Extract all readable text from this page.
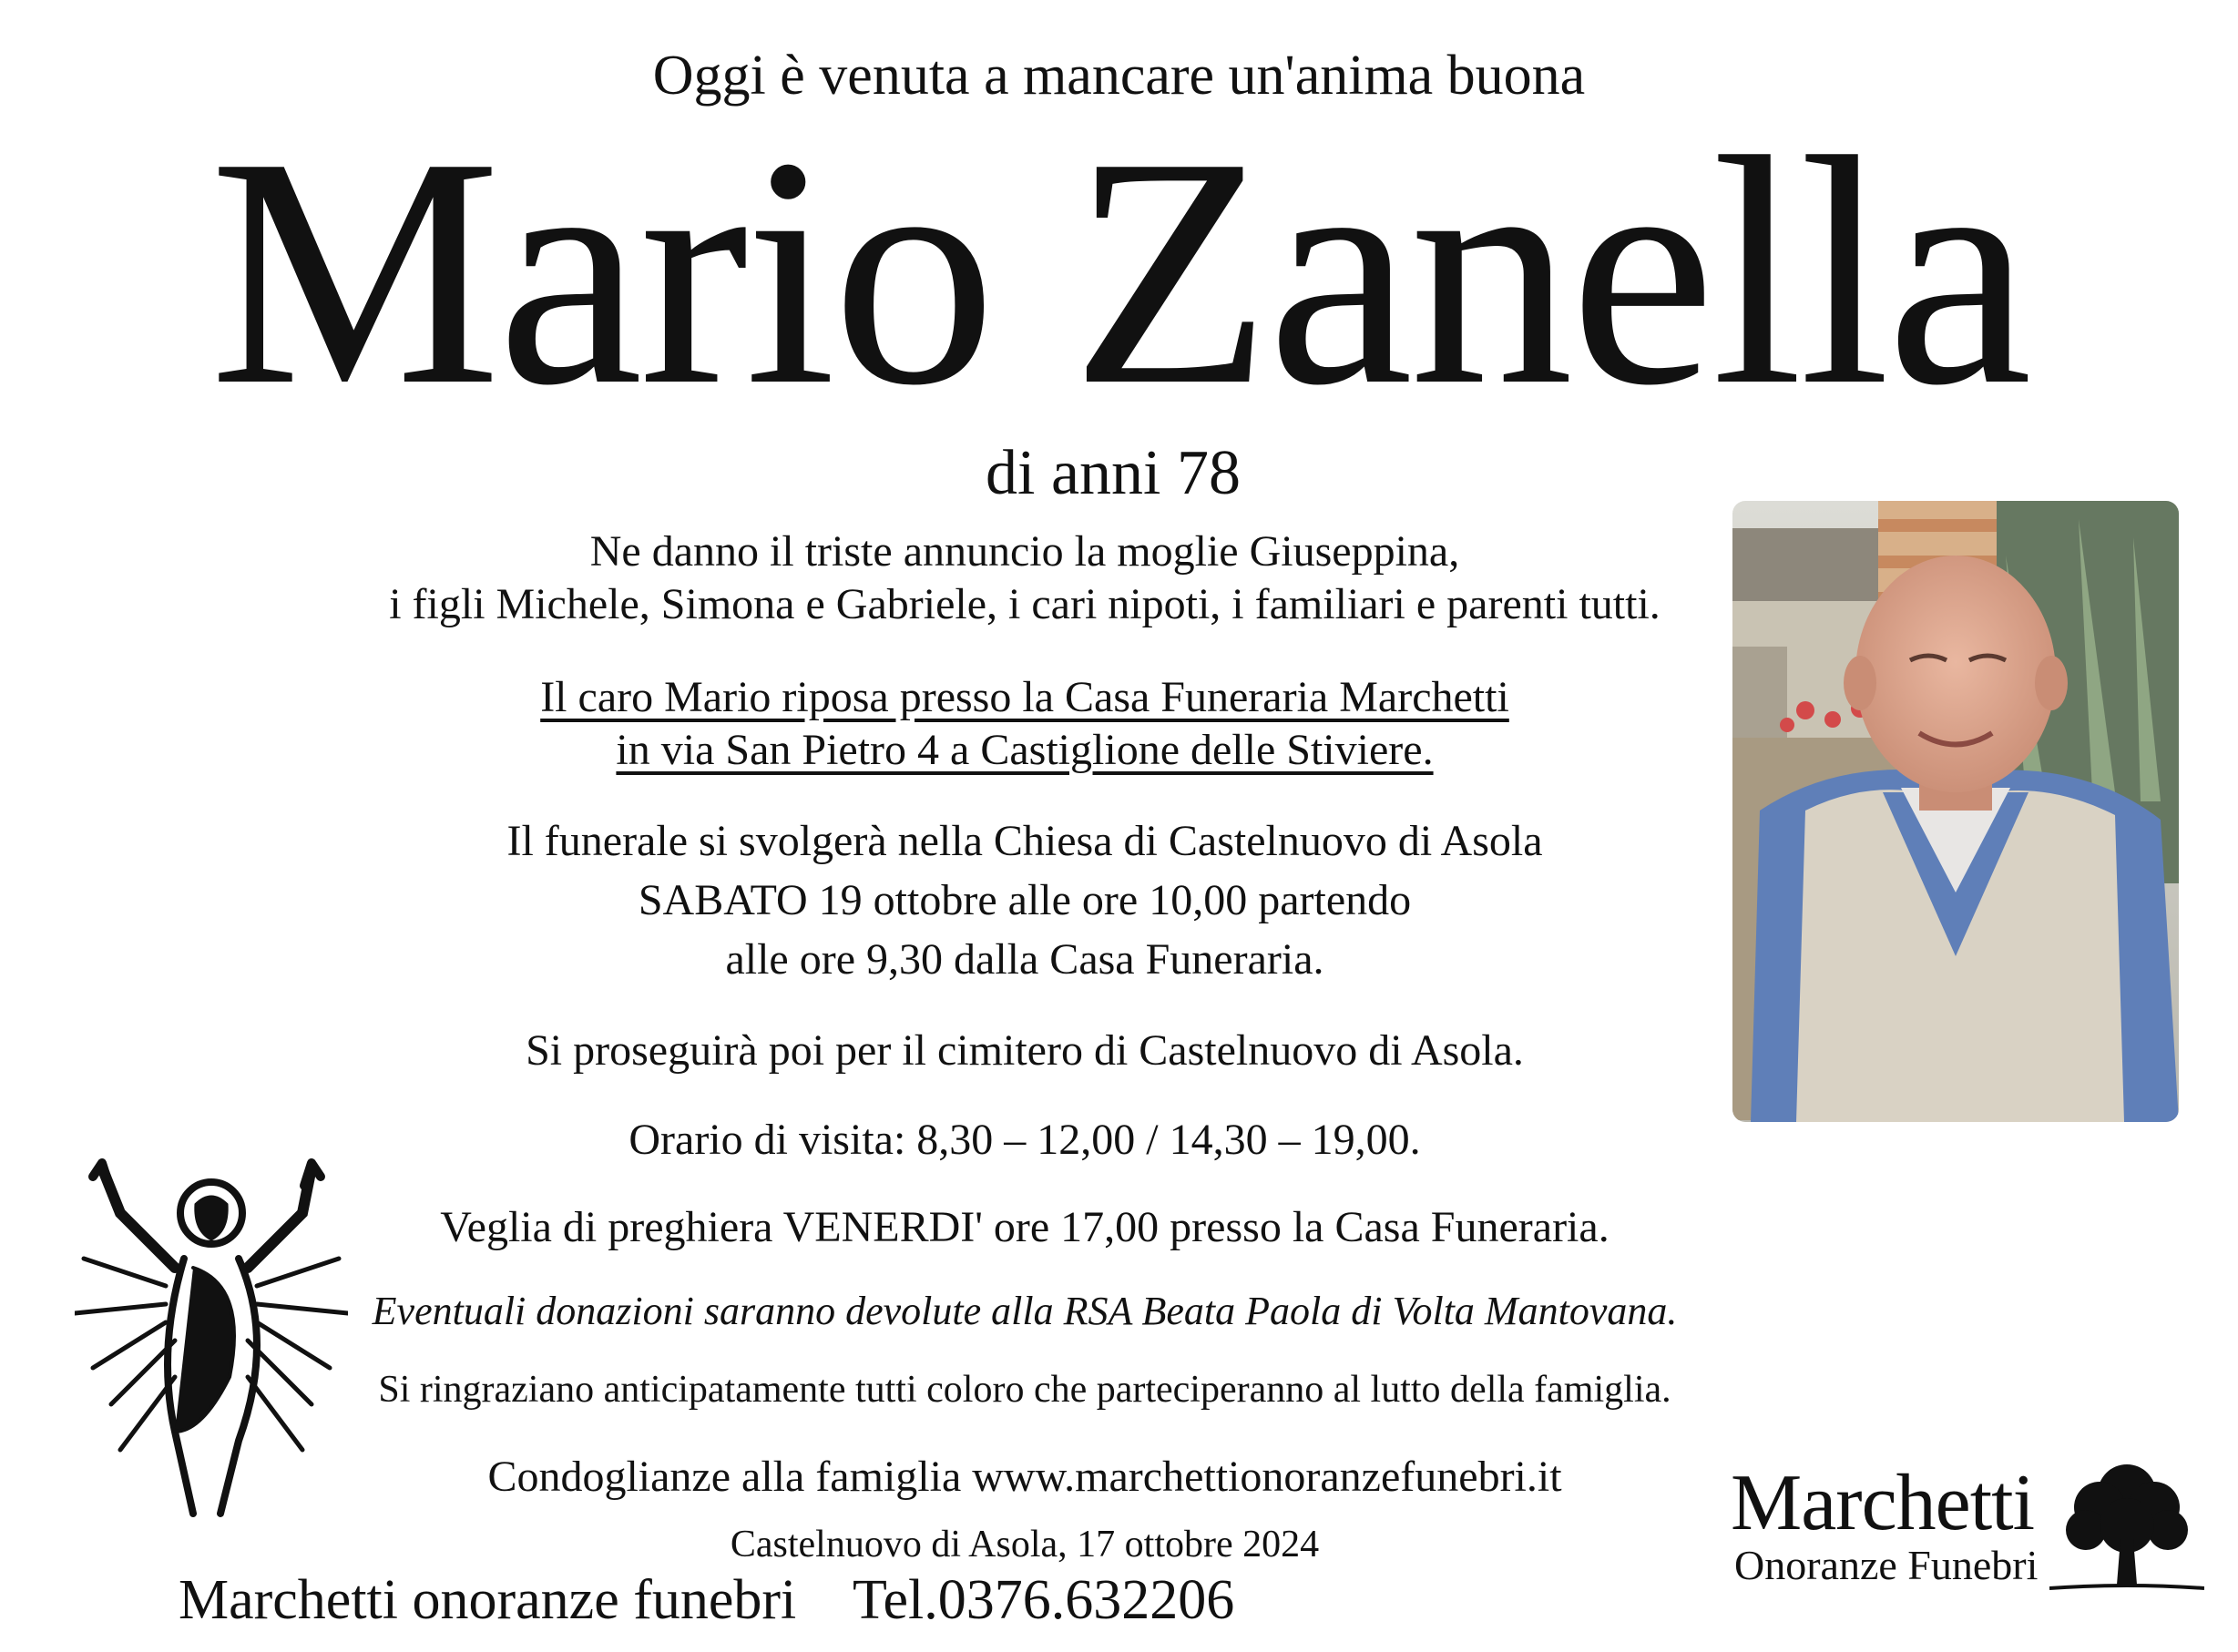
Oggi è venuta a mancare un'anima buona
Mario Zanella
di anni 78
Ne danno il triste annuncio la moglie Giuseppina,
i figli Michele, Simona e Gabriele, i cari nipoti, i familiari e parenti tutti.
Il caro Mario riposa presso la Casa Funeraria Marchetti
in via San Pietro 4 a Castiglione delle Stiviere.
Il funerale si svolgerà nella Chiesa di Castelnuovo di Asola
SABATO 19 ottobre alle ore 10,00 partendo
alle ore 9,30 dalla Casa Funeraria.
Si proseguirà poi per il cimitero di Castelnuovo di Asola.
Orario di visita: 8,30 – 12,00 / 14,30 – 19,00.
Veglia di preghiera VENERDI' ore 17,00 presso la Casa Funeraria.
Eventuali donazioni saranno devolute alla RSA Beata Paola di Volta Mantovana.
Si ringraziano anticipatamente tutti coloro che parteciperanno al lutto della famiglia.
Condoglianze alla famiglia www.marchettionoranzefunebri.it
Castelnuovo di Asola, 17 ottobre 2024
Marchetti onoranze funebri Tel.0376.632206
Marchetti
Onoranze Funebri
